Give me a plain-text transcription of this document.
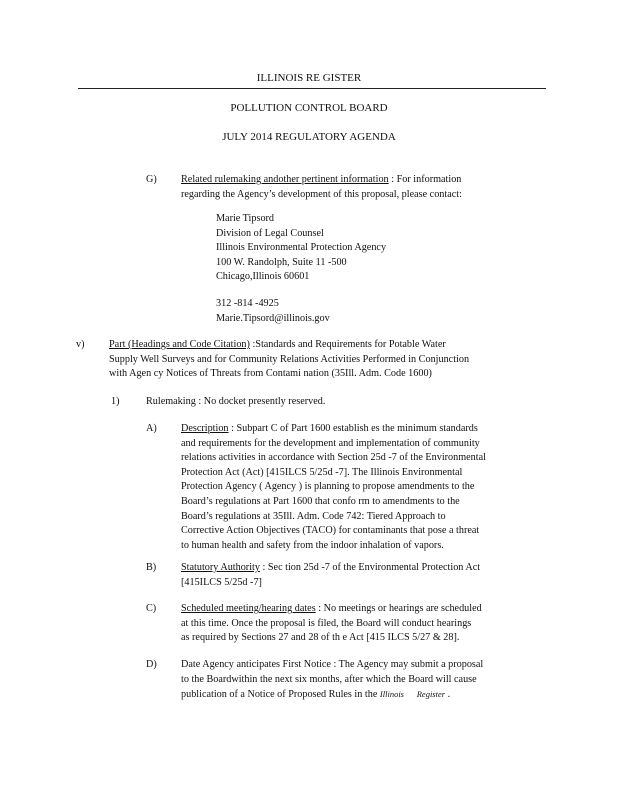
ILLINOIS RE GISTER
POLLUTION CONTROL BOARD
JULY 2014 REGULATORY AGENDA
G) Related rulemaking andother pertinent information : For information
regarding the Agency’s development of this proposal, please contact:
Marie Tipsord
Division of Legal Counsel
Illinois Environmental Protection Agency
100 W. Randolph, Suite 11 -500
Chicago,Illinois 60601
312 -814 -4925
Marie.Tipsord@illinois.gov
v) Part (Headings and Code Citation) :Standards and Requirements for Potable Water
Supply Well Surveys and for Community Relations Activities Performed in Conjunction
with Agen cy Notices of Threats from Contami nation (35Ill. Adm. Code 1600)
1)	Rulemaking : No docket presently reserved.
A) Description : Subpart C of Part 1600 establish es the minimum standards
and requirements for the development and implementation of community
relations activities in accordance with Section 25d -7 of the Environmental
Protection Act (Act) [415ILCS 5/25d -7]. The Illinois Environmental
Protection Agency ( Agency ) is planning to propose amendments to the
Board’s regulations at Part 1600 that confo rm to amendments to the
Board’s regulations at 35Ill. Adm. Code 742: Tiered Approach to
Corrective Action Objectives (TACO) for contaminants that pose a threat
to human health and safety from the indoor inhalation of vapors.
B) Statutory Authority : Sec tion 25d -7 of the Environmental Protection Act
[415ILCS 5/25d -7]
C) Scheduled meeting/hearing dates : No meetings or hearings are scheduled
at this time. Once the proposal is filed, the Board will conduct hearings
as required by Sections 27 and 28 of th e Act [415 ILCS 5/27 & 28].
D) Date Agency anticipates First Notice : The Agency may submit a proposal
to the Boardwithin the next six months, after which the Board will cause
publication of a Notice of Proposed Rules in the Illinois Register .
